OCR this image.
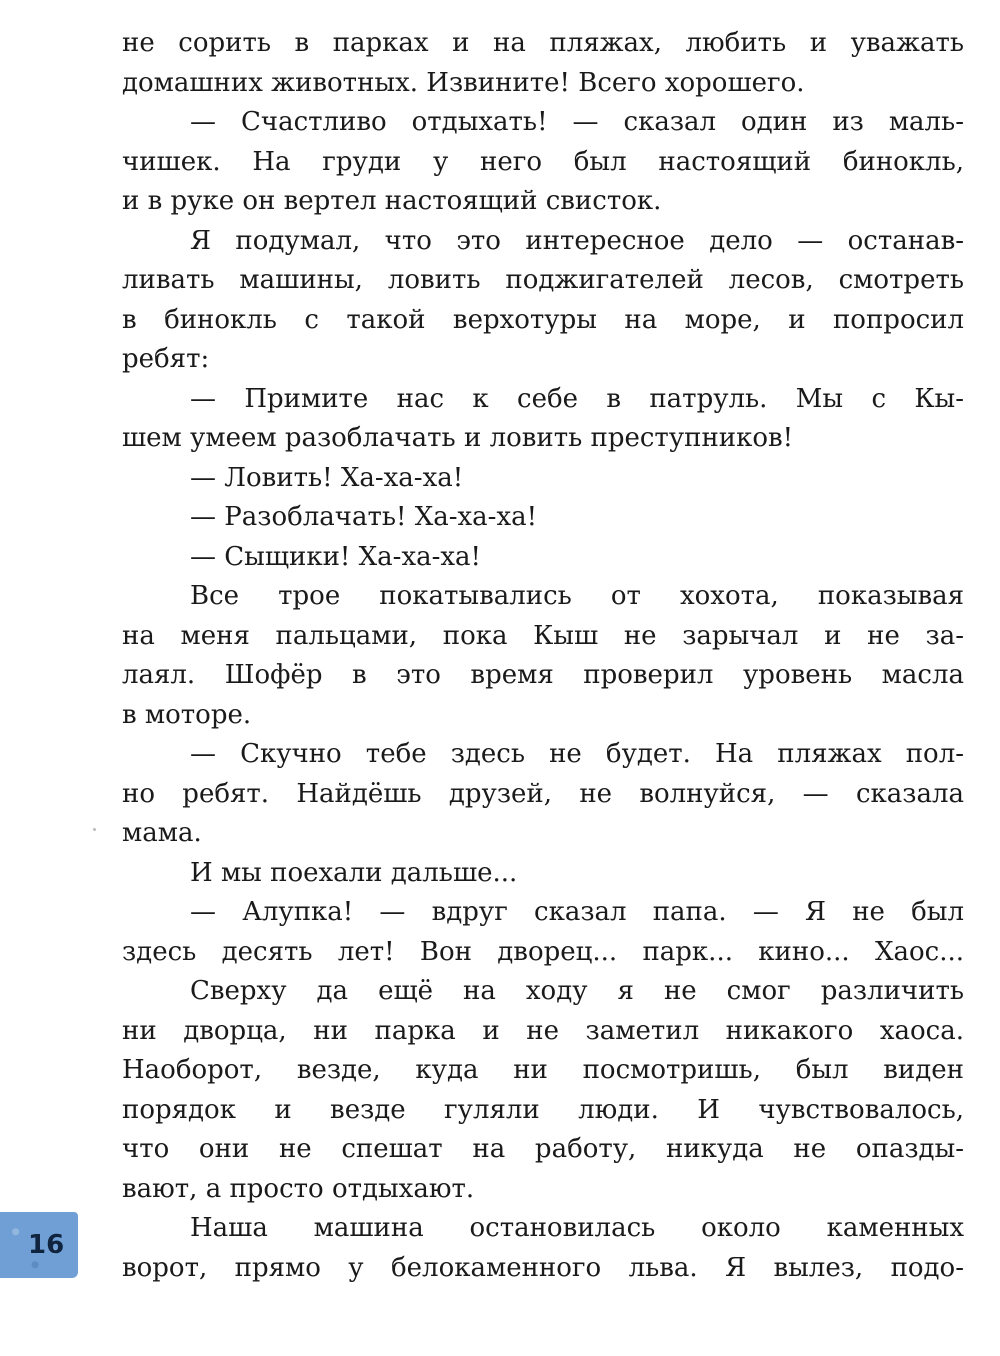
не сорить в парках и на пляжах, любить и уважать
домашних животных. Извините! Всего хорошего.
— Счастливо отдыхать! — сказал один из маль-
чишек. На груди у него был настоящий бинокль,
и в руке он вертел настоящий свисток.
Я подумал, что это интересное дело — останав-
ливать машины, ловить поджигателей лесов, смотреть
в бинокль с такой верхотуры на море, и попросил
ребят:
— Примите нас к себе в патруль. Мы с Кы-
шем умеем разоблачать и ловить преступников!
— Ловить! Ха-ха-ха!
— Разоблачать! Ха-ха-ха!
— Сыщики! Ха-ха-ха!
Все трое покатывались от хохота, показывая
на меня пальцами, пока Кыш не зарычал и не за-
лаял. Шофёр в это время проверил уровень масла
в моторе.
— Скучно тебе здесь не будет. На пляжах пол-
но ребят. Найдёшь друзей, не волнуйся, — сказала
мама.
И мы поехали дальше...
— Алупка! — вдруг сказал папа. — Я не был
здесь десять лет! Вон дворец... парк... кино... Хаос...
Сверху да ещё на ходу я не смог различить
ни дворца, ни парка и не заметил никакого хаоса.
Наоборот, везде, куда ни посмотришь, был виден
порядок и везде гуляли люди. И чувствовалось,
что они не спешат на работу, никуда не опазды-
вают, а просто отдыхают.
Наша машина остановилась около каменных
ворот, прямо у белокаменного льва. Я вылез, подо-
16
